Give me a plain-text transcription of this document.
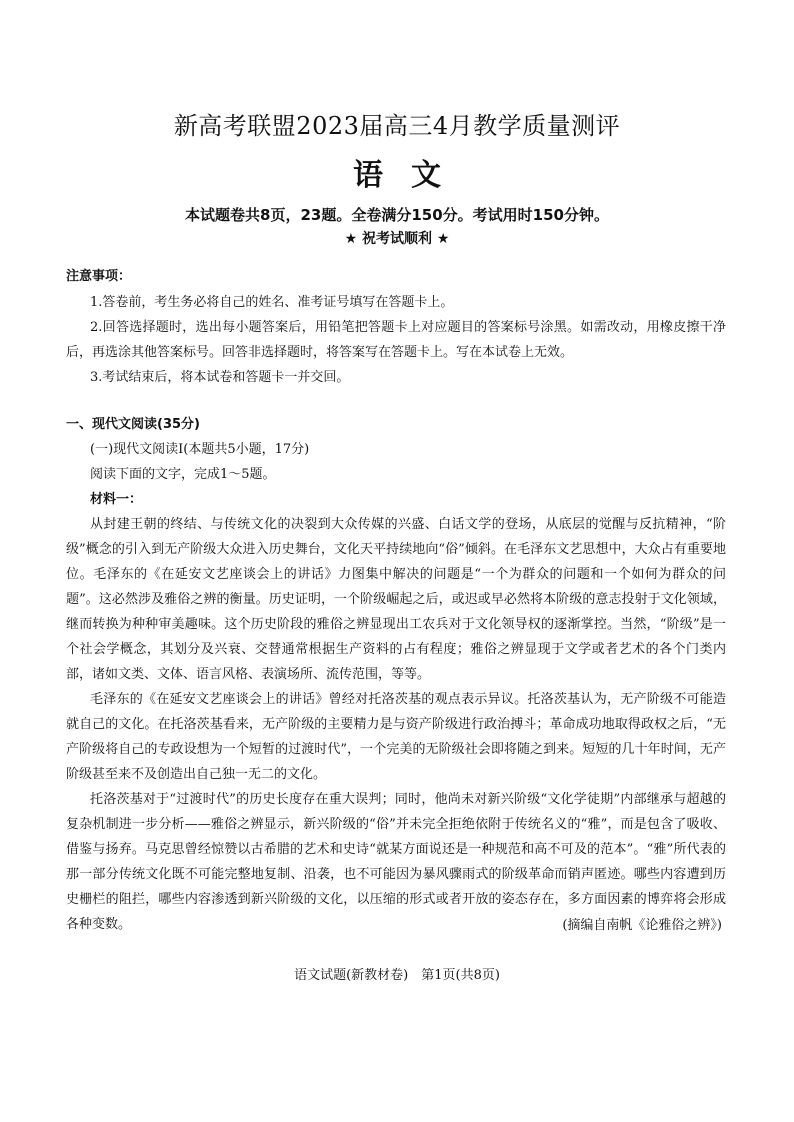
新高考联盟2023届高三4月教学质量测评
语文
本试题卷共8页，23题。全卷满分150分。考试用时150分钟。
★ 祝考试顺利 ★
注意事项：

1.答卷前，考生务必将自己的姓名、准考证号填写在答题卡上。

2.回答选择题时，选出每小题答案后，用铅笔把答题卡上对应题目的答案标号涂黑。如需改动，用橡皮擦干净后，再选涂其他答案标号。回答非选择题时，将答案写在答题卡上。写在本试卷上无效。

3.考试结束后，将本试卷和答题卡一并交回。

一、现代文阅读(35分)

(一)现代文阅读Ⅰ(本题共5小题，17分)

阅读下面的文字，完成1～5题。

材料一：

从封建王朝的终结、与传统文化的决裂到大众传媒的兴盛、白话文学的登场，从底层的觉醒与反抗精神，“阶级”概念的引入到无产阶级大众进入历史舞台，文化天平持续地向“俗”倾斜。在毛泽东文艺思想中，大众占有重要地位。毛泽东的《在延安文艺座谈会上的讲话》力图集中解决的问题是“一个为群众的问题和一个如何为群众的问题”。这必然涉及雅俗之辨的衡量。历史证明，一个阶级崛起之后，或迟或早必然将本阶级的意志投射于文化领域，继而转换为种种审美趣味。这个历史阶段的雅俗之辨显现出工农兵对于文化领导权的逐渐掌控。当然，“阶级”是一个社会学概念，其划分及兴衰、交替通常根据生产资料的占有程度；雅俗之辨显现于文学或者艺术的各个门类内部，诸如文类、文体、语言风格、表演场所、流传范围，等等。

毛泽东的《在延安文艺座谈会上的讲话》曾经对托洛茨基的观点表示异议。托洛茨基认为，无产阶级不可能造就自己的文化。在托洛茨基看来，无产阶级的主要精力是与资产阶级进行政治搏斗；革命成功地取得政权之后，“无产阶级将自己的专政设想为一个短暂的过渡时代”，一个完美的无阶级社会即将随之到来。短短的几十年时间，无产阶级甚至来不及创造出自己独一无二的文化。

托洛茨基对于“过渡时代”的历史长度存在重大误判；同时，他尚未对新兴阶级“文化学徒期”内部继承与超越的复杂机制进一步分析——雅俗之辨显示，新兴阶级的“俗”并未完全拒绝依附于传统名义的“雅”，而是包含了吸收、借鉴与扬弃。马克思曾经惊赞以古希腊的艺术和史诗“就某方面说还是一种规范和高不可及的范本”。“雅”所代表的那一部分传统文化既不可能完整地复制、沿袭，也不可能因为暴风骤雨式的阶级革命而销声匿迹。哪些内容遭到历史栅栏的阻拦，哪些内容渗透到新兴阶级的文化，以压缩的形式或者开放的姿态存在，多方面因素的博弈将会形成各种变数。	(摘编自南帆《论雅俗之辨》)
语文试题(新教材卷)　第1页(共8页)
